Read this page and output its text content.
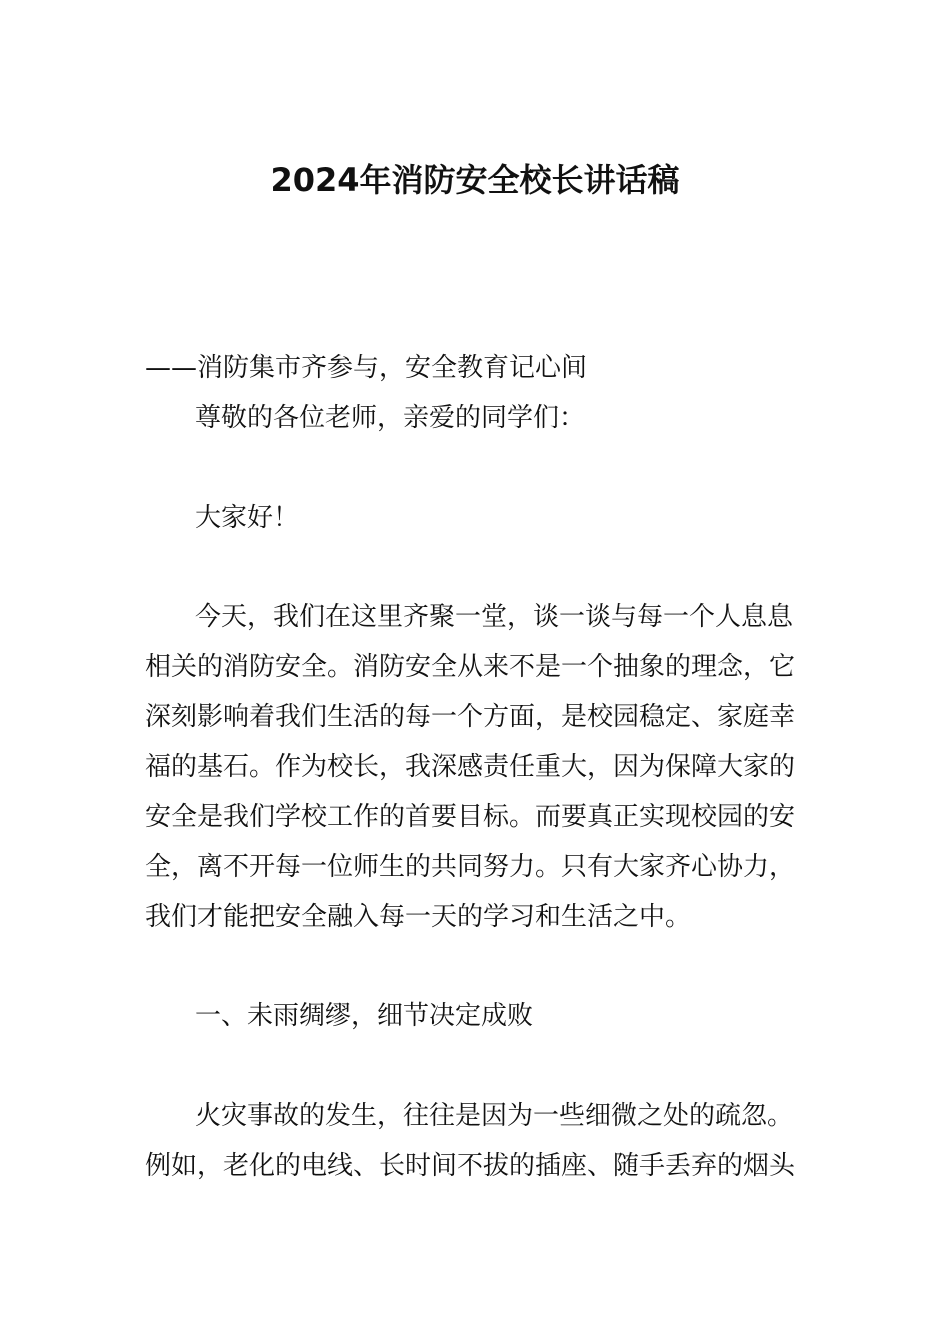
2024年消防安全校长讲话稿
——消防集市齐参与，安全教育记心间
尊敬的各位老师，亲爱的同学们：
大家好！
今天，我们在这里齐聚一堂，谈一谈与每一个人息息
相关的消防安全。消防安全从来不是一个抽象的理念，它
深刻影响着我们生活的每一个方面，是校园稳定、家庭幸
福的基石。作为校长，我深感责任重大，因为保障大家的
安全是我们学校工作的首要目标。而要真正实现校园的安
全，离不开每一位师生的共同努力。只有大家齐心协力，
我们才能把安全融入每一天的学习和生活之中。
一、未雨绸缪，细节决定成败
火灾事故的发生，往往是因为一些细微之处的疏忽。
例如，老化的电线、长时间不拔的插座、随手丢弃的烟头
